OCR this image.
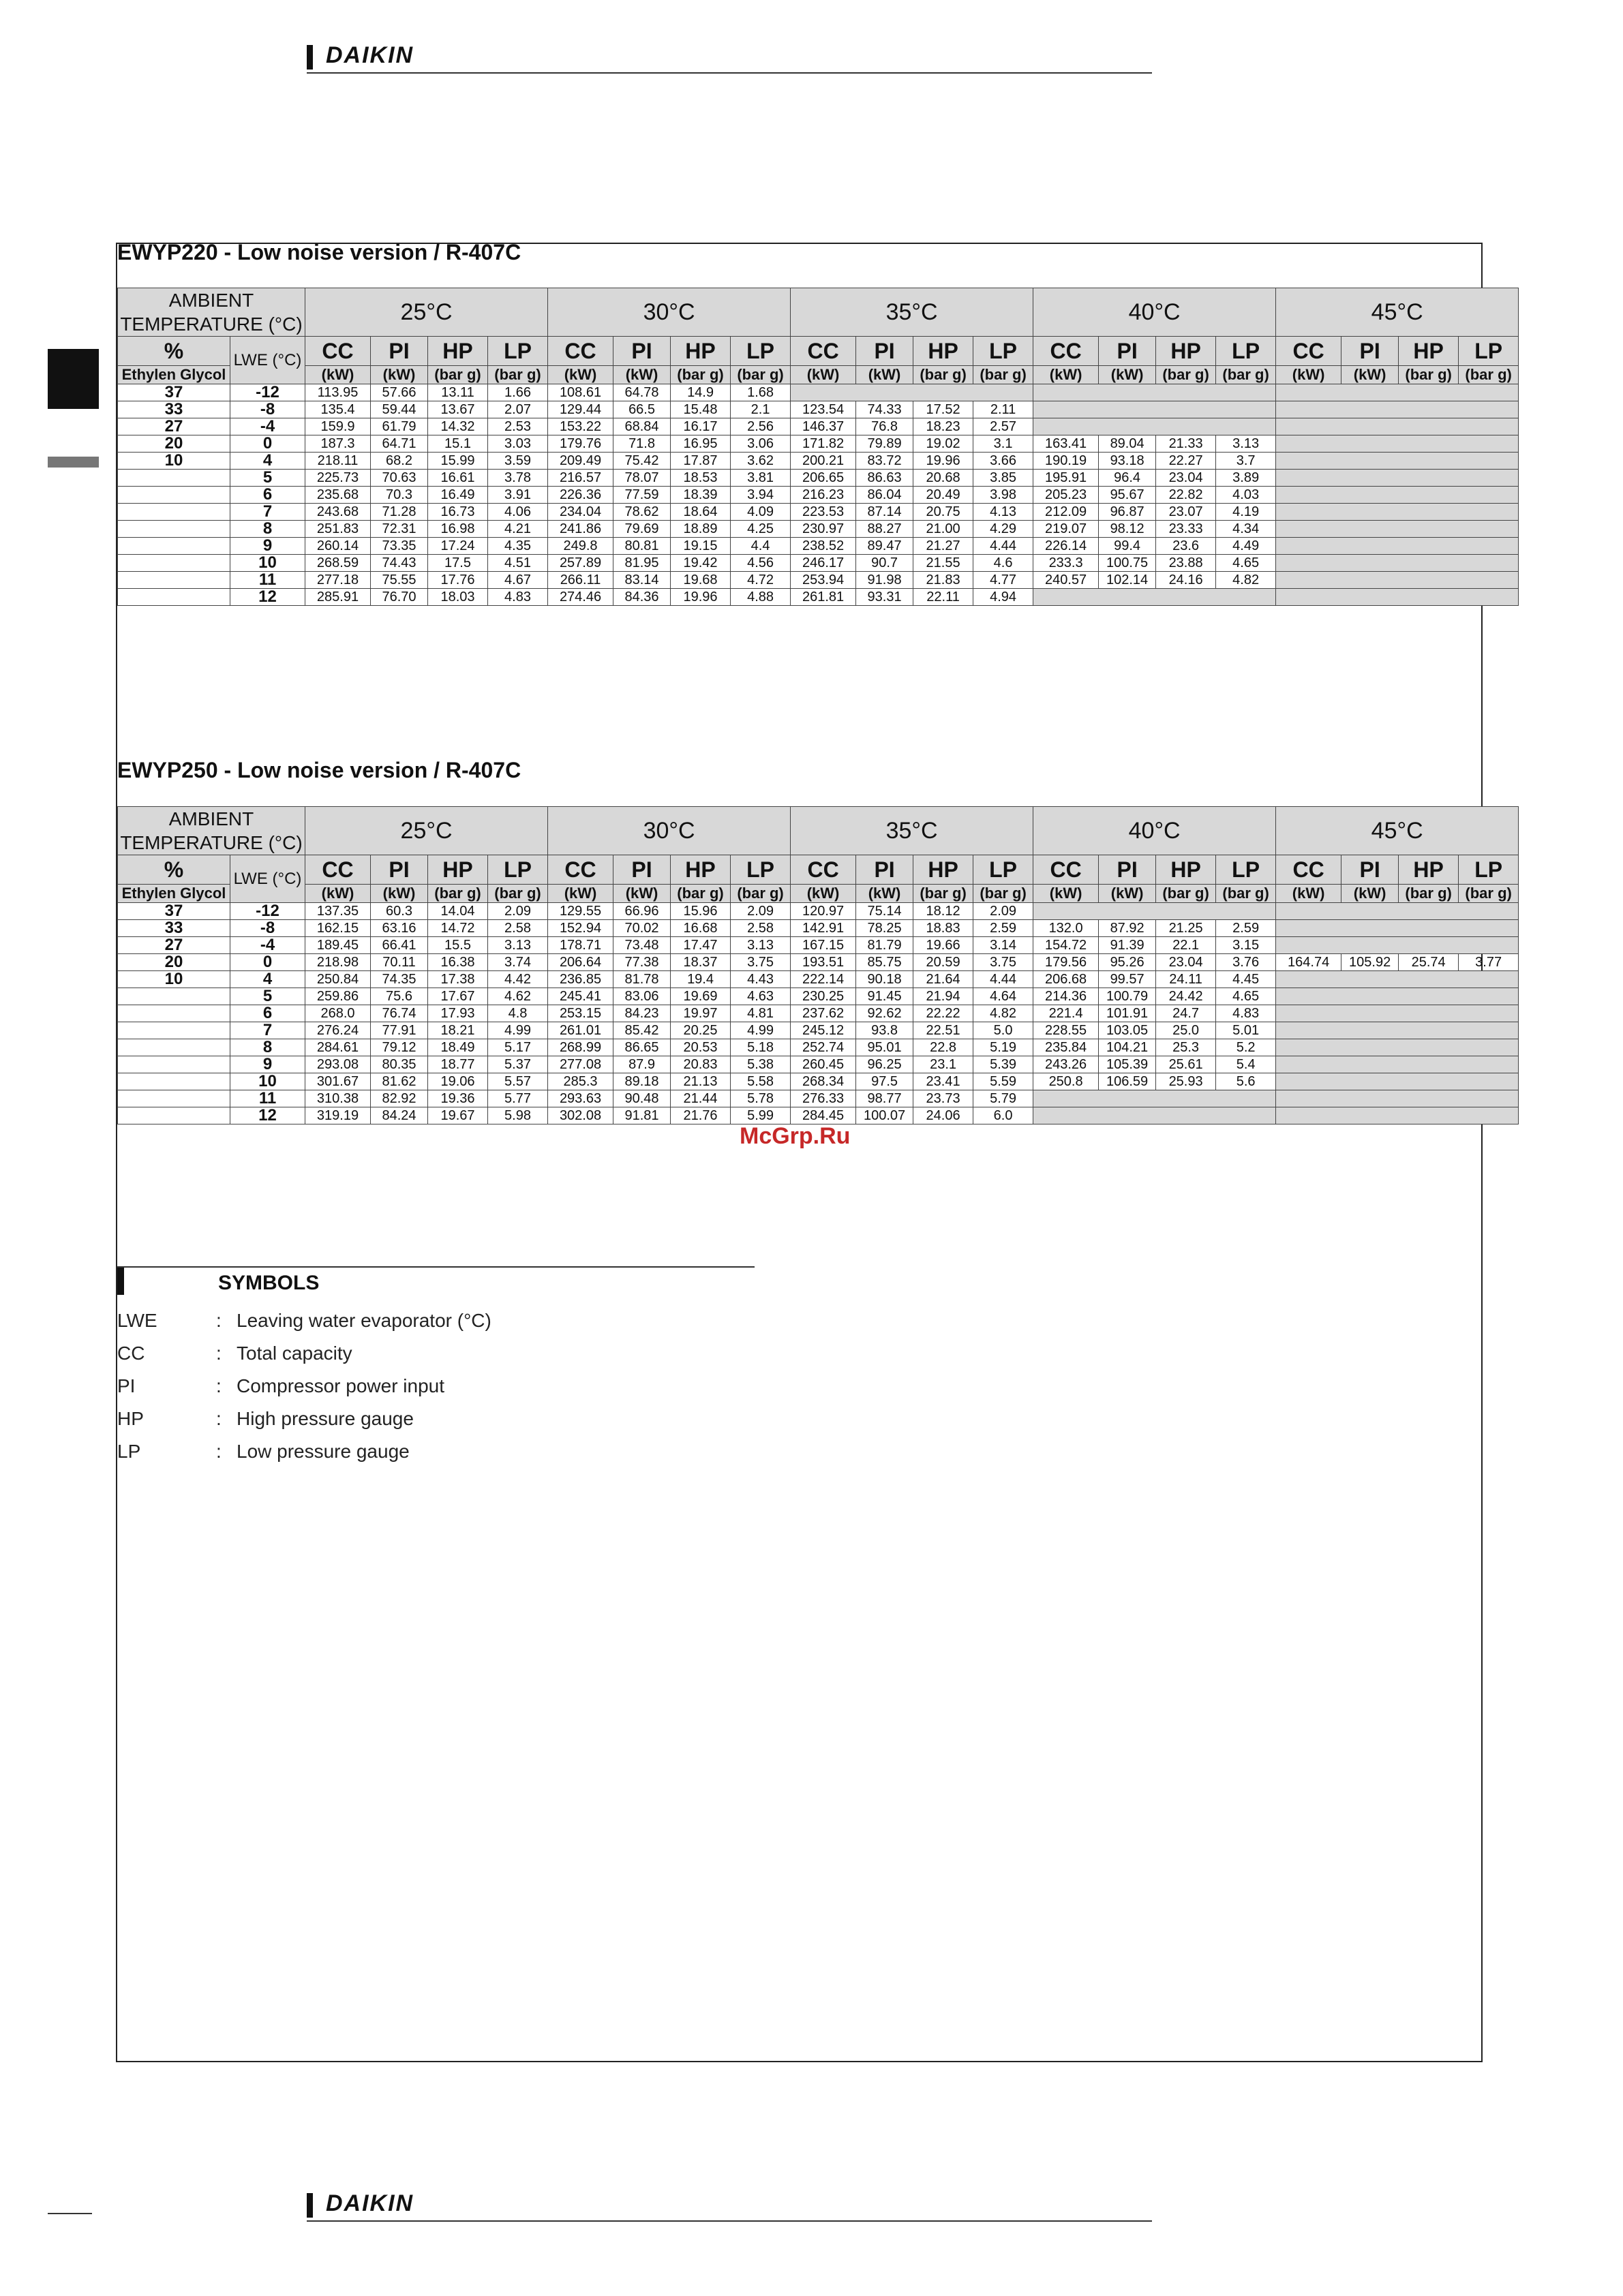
DAIKIN
EWYP220 - Low noise version / R-407C
AMBIENT TEMPERATURE (°C)		25°C				30°C				35°C				40°C				45°C			
%	LWE (°C)	CC	PI	HP	LP	CC	PI	HP	LP	CC	PI	HP	LP	CC	PI	HP	LP	CC	PI	HP	LP
Ethylen Glycol		(kW)	(kW)	(bar g)	(bar g)	(kW)	(kW)	(bar g)	(bar g)	(kW)	(kW)	(bar g)	(bar g)	(kW)	(kW)	(bar g)	(bar g)	(kW)	(kW)	(bar g)	(bar g)
37	-12	113.95	57.66	13.11	1.66	108.61	64.78	14.9	1.68												
33	-8	135.4	59.44	13.67	2.07	129.44	66.5	15.48	2.1	123.54	74.33	17.52	2.11								
27	-4	159.9	61.79	14.32	2.53	153.22	68.84	16.17	2.56	146.37	76.8	18.23	2.57								
20	0	187.3	64.71	15.1	3.03	179.76	71.8	16.95	3.06	171.82	79.89	19.02	3.1	163.41	89.04	21.33	3.13				
10	4	218.11	68.2	15.99	3.59	209.49	75.42	17.87	3.62	200.21	83.72	19.96	3.66	190.19	93.18	22.27	3.7				
	5	225.73	70.63	16.61	3.78	216.57	78.07	18.53	3.81	206.65	86.63	20.68	3.85	195.91	96.4	23.04	3.89				
	6	235.68	70.3	16.49	3.91	226.36	77.59	18.39	3.94	216.23	86.04	20.49	3.98	205.23	95.67	22.82	4.03				
	7	243.68	71.28	16.73	4.06	234.04	78.62	18.64	4.09	223.53	87.14	20.75	4.13	212.09	96.87	23.07	4.19				
	8	251.83	72.31	16.98	4.21	241.86	79.69	18.89	4.25	230.97	88.27	21.00	4.29	219.07	98.12	23.33	4.34				
	9	260.14	73.35	17.24	4.35	249.8	80.81	19.15	4.4	238.52	89.47	21.27	4.44	226.14	99.4	23.6	4.49				
	10	268.59	74.43	17.5	4.51	257.89	81.95	19.42	4.56	246.17	90.7	21.55	4.6	233.3	100.75	23.88	4.65				
	11	277.18	75.55	17.76	4.67	266.11	83.14	19.68	4.72	253.94	91.98	21.83	4.77	240.57	102.14	24.16	4.82				
	12	285.91	76.70	18.03	4.83	274.46	84.36	19.96	4.88	261.81	93.31	22.11	4.94								
EWYP250 - Low noise version / R-407C
AMBIENT TEMPERATURE (°C)		25°C				30°C				35°C				40°C				45°C			
%	LWE (°C)	CC	PI	HP	LP	CC	PI	HP	LP	CC	PI	HP	LP	CC	PI	HP	LP	CC	PI	HP	LP
Ethylen Glycol		(kW)	(kW)	(bar g)	(bar g)	(kW)	(kW)	(bar g)	(bar g)	(kW)	(kW)	(bar g)	(bar g)	(kW)	(kW)	(bar g)	(bar g)	(kW)	(kW)	(bar g)	(bar g)
37	-12	137.35	60.3	14.04	2.09	129.55	66.96	15.96	2.09	120.97	75.14	18.12	2.09								
33	-8	162.15	63.16	14.72	2.58	152.94	70.02	16.68	2.58	142.91	78.25	18.83	2.59	132.0	87.92	21.25	2.59				
27	-4	189.45	66.41	15.5	3.13	178.71	73.48	17.47	3.13	167.15	81.79	19.66	3.14	154.72	91.39	22.1	3.15				
20	0	218.98	70.11	16.38	3.74	206.64	77.38	18.37	3.75	193.51	85.75	20.59	3.75	179.56	95.26	23.04	3.76	164.74	105.92	25.74	3.77
10	4	250.84	74.35	17.38	4.42	236.85	81.78	19.4	4.43	222.14	90.18	21.64	4.44	206.68	99.57	24.11	4.45				
	5	259.86	75.6	17.67	4.62	245.41	83.06	19.69	4.63	230.25	91.45	21.94	4.64	214.36	100.79	24.42	4.65				
	6	268.0	76.74	17.93	4.8	253.15	84.23	19.97	4.81	237.62	92.62	22.22	4.82	221.4	101.91	24.7	4.83				
	7	276.24	77.91	18.21	4.99	261.01	85.42	20.25	4.99	245.12	93.8	22.51	5.0	228.55	103.05	25.0	5.01				
	8	284.61	79.12	18.49	5.17	268.99	86.65	20.53	5.18	252.74	95.01	22.8	5.19	235.84	104.21	25.3	5.2				
	9	293.08	80.35	18.77	5.37	277.08	87.9	20.83	5.38	260.45	96.25	23.1	5.39	243.26	105.39	25.61	5.4				
	10	301.67	81.62	19.06	5.57	285.3	89.18	21.13	5.58	268.34	97.5	23.41	5.59	250.8	106.59	25.93	5.6				
	11	310.38	82.92	19.36	5.77	293.63	90.48	21.44	5.78	276.33	98.77	23.73	5.79								
	12	319.19	84.24	19.67	5.98	302.08	91.81	21.76	5.99	284.45	100.07	24.06	6.0								
McGrp.Ru
SYMBOLS
LWE	: Leaving water evaporator (°C)
CC	: Total capacity
PI	: Compressor power input
HP	: High pressure gauge
LP	: Low pressure gauge
DAIKIN
